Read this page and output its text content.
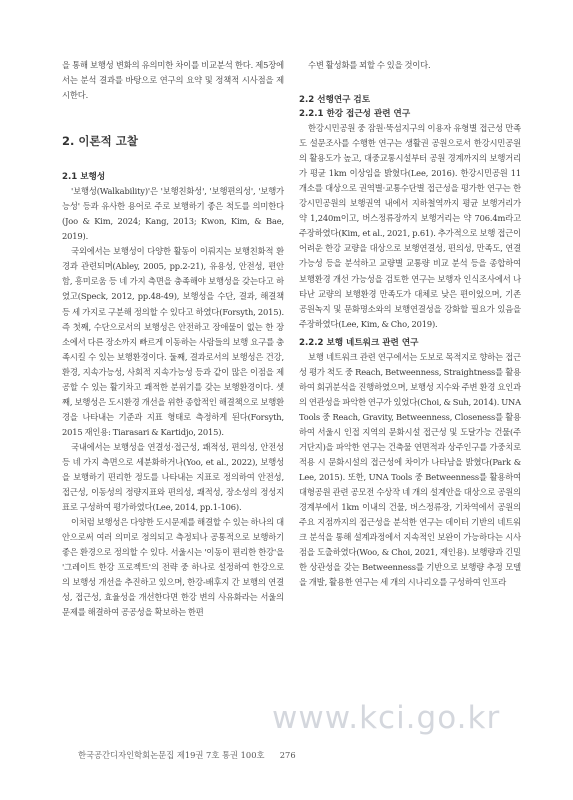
을 통해 보행성 변화의 유의미한 차이를 비교분석 한다. 제5장에서는 분석 결과를 바탕으로 연구의 요약 및 정책적 시사점을 제시한다.

2. 이론적 고찰
2.1 보행성

'보행성(Walkability)'은 '보행친화성', '보행편의성', '보행가능성' 등과 유사한 용어로 주로 보행하기 좋은 척도를 의미한다(Joo & Kim, 2024; Kang, 2013; Kwon, Kim, & Bae, 2019).

국외에서는 보행성이 다양한 활동이 이뤄지는 보행친화적 환경과 관련되며(Abley, 2005, pp.2-21), 유용성, 안전성, 편안함, 흥미로움 등 네 가지 측면을 충족해야 보행성을 갖는다고 하였고(Speck, 2012, pp.48-49), 보행성을 수단, 결과, 해결책 등 세 가지로 구분해 정의할 수 있다고 하였다(Forsyth, 2015). 즉 첫째, 수단으로서의 보행성은 안전하고 장애물이 없는 한 장소에서 다른 장소까지 빠르게 이동하는 사람들의 보행 요구를 충족시킬 수 있는 보행환경이다. 둘째, 결과로서의 보행성은 건강, 환경, 지속가능성, 사회적 지속가능성 등과 같이 많은 이점을 제공할 수 있는 활기차고 쾌적한 분위기를 갖는 보행환경이다. 셋째, 보행성은 도시환경 개선을 위한 종합적인 해결책으로 보행환경을 나타내는 기준과 지표 형태로 측정하게 된다(Forsyth, 2015 재인용: Tiarasari & Kartidjo, 2015).

국내에서는 보행성을 연결성·접근성, 쾌적성, 편의성, 안전성 등 네 가지 측면으로 세분화하거나(Yoo, et al., 2022), 보행성을 보행하기 편리한 정도를 나타내는 지표로 정의하여 안전성, 접근성, 이동성의 정량지표와 편의성, 쾌적성, 장소성의 정성지표로 구성하여 평가하였다(Lee, 2014, pp.1-106).

이처럼 보행성은 다양한 도시문제를 해결할 수 있는 하나의 대안으로써 여러 의미로 정의되고 측정되나 공통적으로 보행하기 좋은 환경으로 정의할 수 있다. 서울시는 '이동이 편리한 한강'을 '그레이트 한강 프로젝트'의 전략 중 하나로 설정하여 한강으로의 보행성 개선을 추진하고 있으며, 한강-배후지 간 보행의 연결성, 접근성, 효율성을 개선한다면 한강 변의 사유화라는 서울의 문제를 해결하여 공공성을 확보하는 한편

수변 활성화를 꾀할 수 있을 것이다.

2.2 선행연구 검토
2.2.1 한강 접근성 관련 연구

한강시민공원 중 잠원·뚝섬지구의 이용자 유형별 접근성 만족도 설문조사를 수행한 연구는 생활권 공원으로서 한강시민공원의 활용도가 높고, 대중교통시설부터 공원 경계까지의 보행거리가 평균 1km 이상임을 밝혔다(Lee, 2016). 한강시민공원 11개소를 대상으로 권역별·교통수단별 접근성을 평가한 연구는 한강시민공원의 보행권역 내에서 지하철역까지 평균 보행거리가 약 1,240m이고, 버스정류장까지 보행거리는 약 706.4m라고 주장하였다(Kim, et al., 2021, p.61). 추가적으로 보행 접근이 어려운 한강 교량을 대상으로 보행연결성, 편의성, 만족도, 연결가능성 등을 분석하고 교량별 교통량 비교 분석 등을 종합하여 보행환경 개선 가능성을 검토한 연구는 보행자 인식조사에서 나타난 교량의 보행환경 만족도가 대체로 낮은 편이었으며, 기존 공원녹지 및 문화명소와의 보행연결성을 강화할 필요가 있음을 주장하였다(Lee, Kim, & Cho, 2019).

2.2.2 보행 네트워크 관련 연구

보행 네트워크 관련 연구에서는 도보로 목적지로 향하는 접근성 평가 척도 중 Reach, Betweenness, Straightness를 활용하여 회귀분석을 진행하였으며, 보행성 지수와 주변 환경 요인과의 연관성을 파악한 연구가 있었다(Choi, & Suh, 2014). UNA Tools 중 Reach, Gravity, Betweenness, Closeness를 활용하여 서울시 인접 지역의 문화시설 접근성 및 도달가능 건물(주거단지)을 파악한 연구는 건축물 연면적과 상주인구를 가중치로 적용 시 문화시설의 접근성에 차이가 나타남을 밝혔다(Park & Lee, 2015). 또한, UNA Tools 중 Betweenness를 활용하여 대형공원 관련 공모전 수상작 네 개의 설계안을 대상으로 공원의 경계부에서 1km 이내의 건물, 버스정류장, 기차역에서 공원의 주요 지점까지의 접근성을 분석한 연구는 데이터 기반의 네트워크 분석을 통해 설계과정에서 지속적인 보완이 가능하다는 시사점을 도출하였다(Woo, & Choi, 2021, 재인용). 보행량과 긴밀한 상관성을 갖는 Betweenness를 기반으로 보행량 추정 모델을 개발, 활용한 연구는 세 개의 시나리오를 구성하여 인프라

한국공간디자인학회논문집 제19권 7호 통권 100호 276
www.kci.go.kr
